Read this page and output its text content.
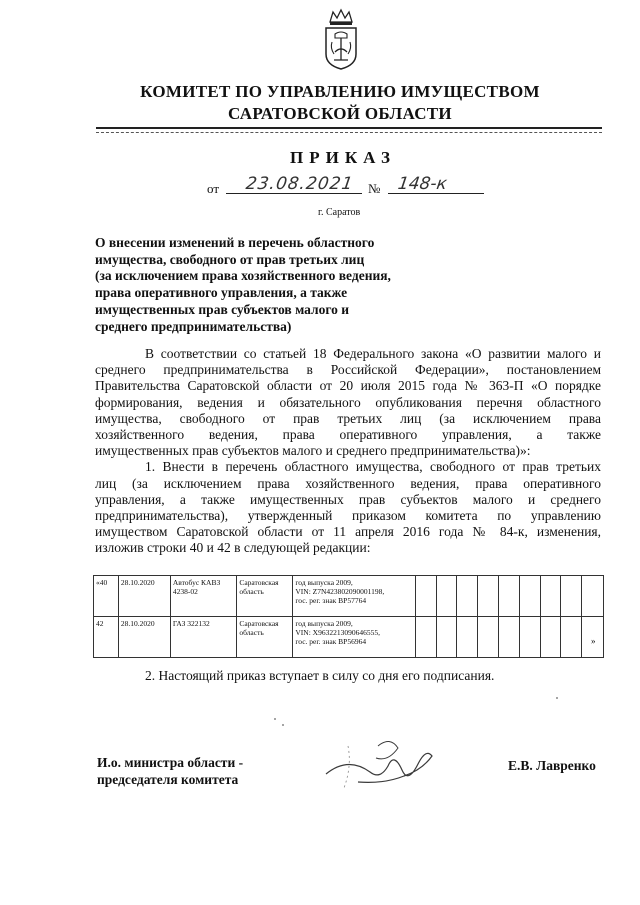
КОМИТЕТ ПО УПРАВЛЕНИЮ ИМУЩЕСТВОМ
САРАТОВСКОЙ ОБЛАСТИ
ПРИКАЗ
от 23.08.2021 № 148-к
г. Саратов
О внесении изменений в перечень областного
имущества, свободного от прав третьих лиц
(за исключением права хозяйственного ведения,
права оперативного управления, а также
имущественных прав субъектов малого и
среднего предпринимательства)
В соответствии со статьей 18 Федерального закона «О развитии малого и
среднего предпринимательства в Российской Федерации», постановлением
Правительства Саратовской области от 20 июля 2015 года № 363-П «О порядке
формирования, ведения и обязательного опубликования перечня областного
имущества, свободного от прав третьих лиц (за исключением права
хозяйственного ведения, права оперативного управления, а также
имущественных прав субъектов малого и среднего предпринимательства)»:
1. Внести в перечень областного имущества, свободного от прав третьих
лиц (за исключением права хозяйственного ведения, права оперативного
управления, а также имущественных прав субъектов малого и среднего
предпринимательства), утвержденный приказом комитета по управлению
имуществом Саратовской области от 11 апреля 2016 года № 84-к, изменения,
изложив строки 40 и 42 в следующей редакции:
«40	28.10.2020	Автобус КАВЗ 4238-02	Саратовская область	год выпуска 2009,
VIN: Z7N423802090001198,
гос. рег. знак ВР57764									

42	28.10.2020	ГАЗ 322132	Саратовская область	год выпуска 2009,
VIN: X9632213090646555,
гос. рег. знак ВР56964									
										»
2. Настоящий приказ вступает в силу со дня его подписания.
И.о. министра области -
председателя комитета
Е.В. Лавренко
